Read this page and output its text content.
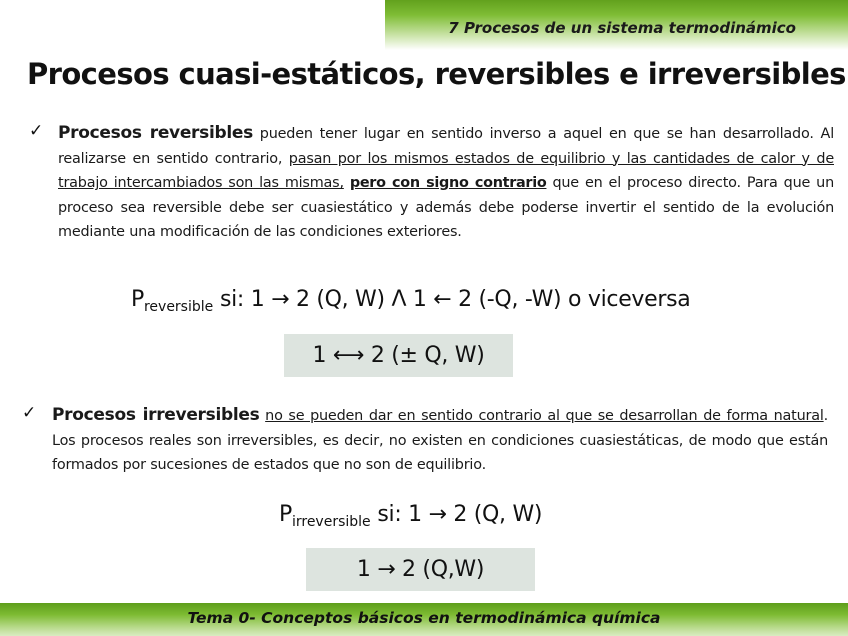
7 Procesos de un sistema termodinámico
Procesos cuasi-estáticos, reversibles e irreversibles
✓ Procesos reversibles pueden tener lugar en sentido inverso a aquel en que se han desarrollado. Al realizarse en sentido contrario, pasan por los mismos estados de equilibrio y las cantidades de calor y de trabajo intercambiados son las mismas, pero con signo contrario que en el proceso directo. Para que un proceso sea reversible debe ser cuasiestático y además debe poderse invertir el sentido de la evolución mediante una modificación de las condiciones exteriores.
$P_{reversible}$ si: 1 → 2 (Q, W) Λ 1 ← 2 (-Q, -W) o viceversa
1 ⟷ 2 (± Q, W)
✓ Procesos irreversibles no se pueden dar en sentido contrario al que se desarrollan de forma natural. Los procesos reales son irreversibles, es decir, no existen en condiciones cuasiestáticas, de modo que están formados por sucesiones de estados que no son de equilibrio.
$P_{irreversible}$ si: 1 → 2 (Q, W)
1 → 2 (Q,W)
Tema 0- Conceptos básicos en termodinámica química
